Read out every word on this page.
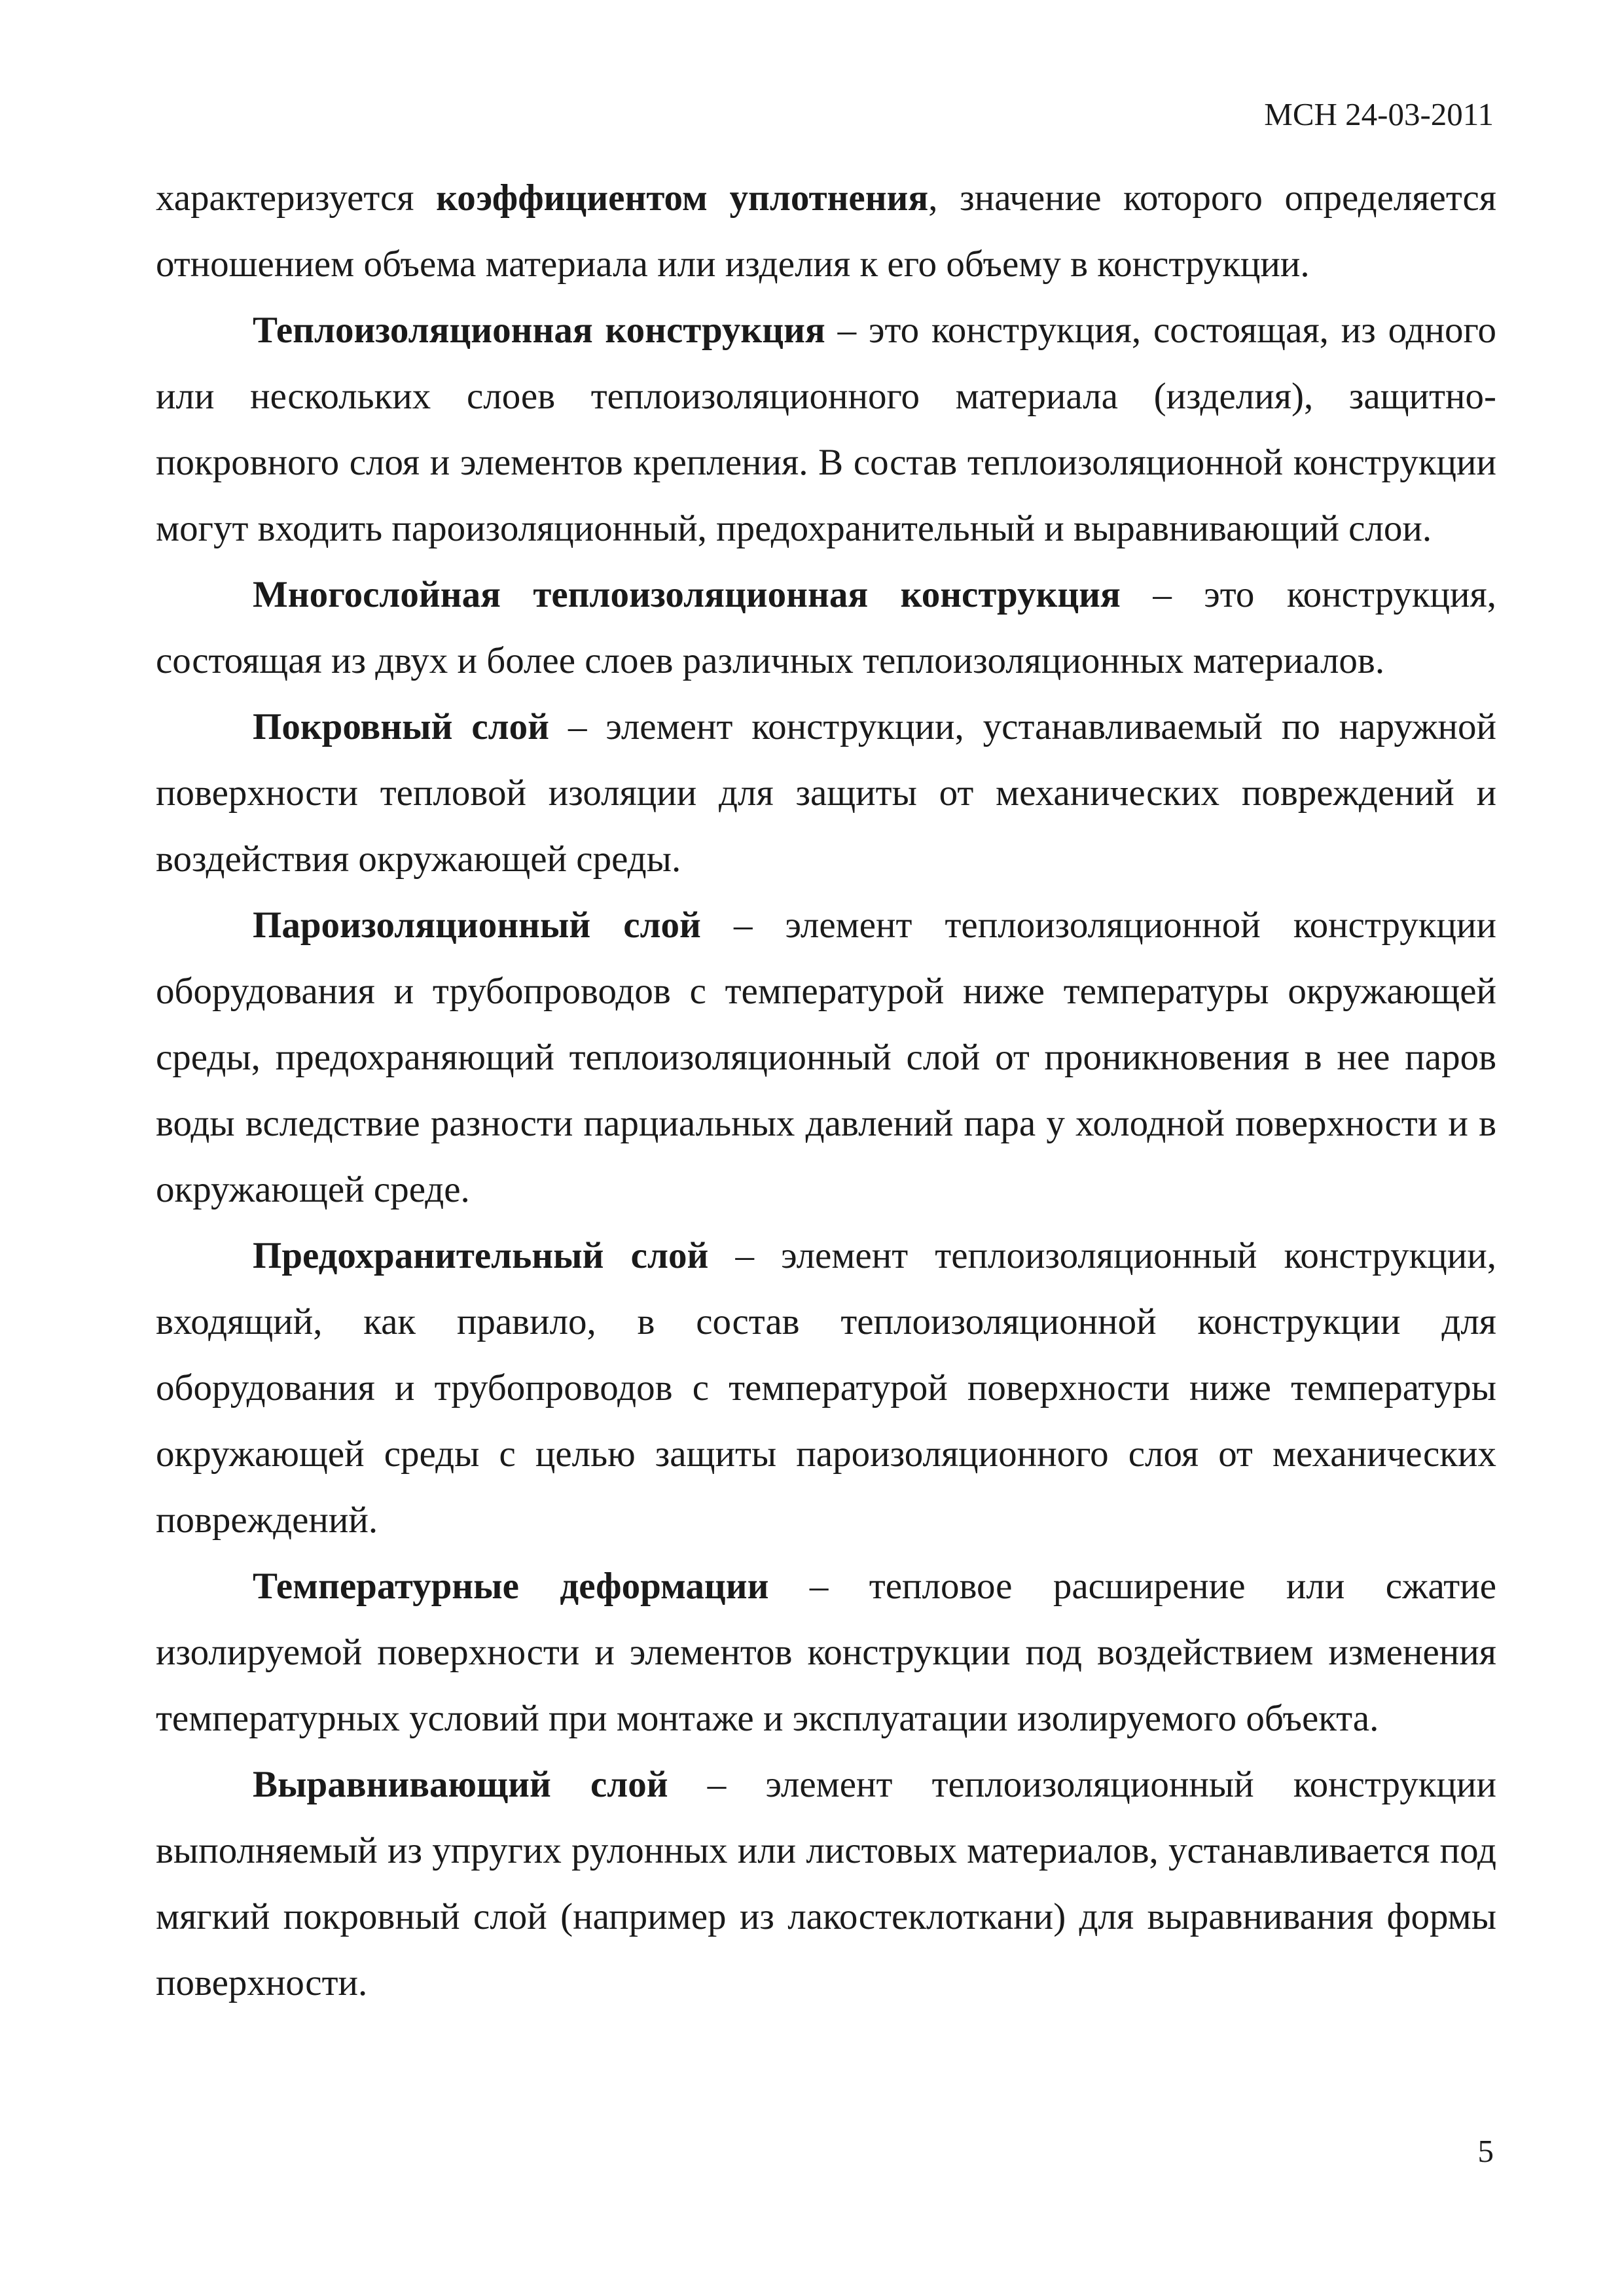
МСН 24-03-2011

характеризуется коэффициентом уплотнения, значение которого определяется отношением объема материала или изделия к его объему в конструкции.

Теплоизоляционная конструкция – это конструкция, состоящая, из одного или нескольких слоев теплоизоляционного материала (изделия), защитно-покровного слоя и элементов крепления. В состав теплоизоляционной конструкции могут входить пароизоляционный, предохранительный и выравнивающий слои.

Многослойная теплоизоляционная конструкция – это конструкция, состоящая из двух и более слоев различных теплоизоляционных материалов.

Покровный слой – элемент конструкции, устанавливаемый по наружной поверхности тепловой изоляции для защиты от механических повреждений и воздействия окружающей среды.

Пароизоляционный слой – элемент теплоизоляционной конструкции оборудования и трубопроводов с температурой ниже температуры окружающей среды, предохраняющий теплоизоляционный слой от проникновения в нее паров воды вследствие разности парциальных давлений пара у холодной поверхности и в окружающей среде.

Предохранительный слой – элемент теплоизоляционный конструкции, входящий, как правило, в состав теплоизоляционной конструкции для оборудования и трубопроводов с температурой поверхности ниже температуры окружающей среды с целью защиты пароизоляционного слоя от механических повреждений.

Температурные деформации – тепловое расширение или сжатие изолируемой поверхности и элементов конструкции под воздействием изменения температурных условий при монтаже и эксплуатации изолируемого объекта.

Выравнивающий слой – элемент теплоизоляционный конструкции выполняемый из упругих рулонных или листовых материалов, устанавливается под мягкий покровный слой (например из лакостеклоткани) для выравнивания формы поверхности.

5
